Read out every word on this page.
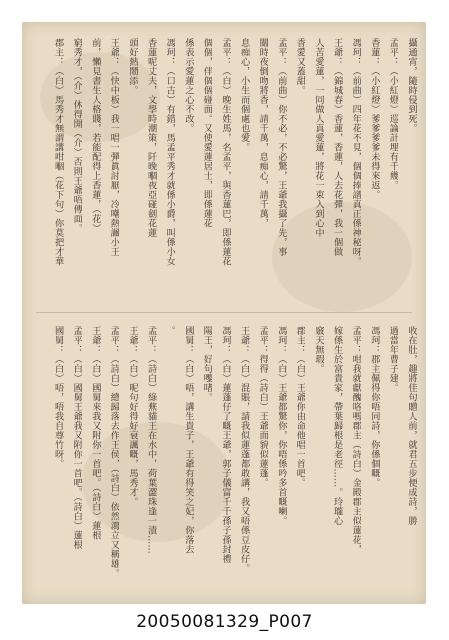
攝通宵，隨時侵到死。
孟平：（小紅燈）巡論計埋有千幾。
香蓮：（小紅燈）爹爹爹爹未得來返。
馮珂：（前曲）四年花不見，個個捧譜真正係神秘呀。
王爺：（錦城春）香蓮，香蓮，人去花彈，我一個做
人苦愛蓮，一同做人真愛蓮，將花一束入到心中
香愛又蓋甜。
孟平：（前曲）你不必，不必驚，王爺我攝了先，事
關時夜倒吻將香，請千萬，息痴心，請千萬，
息痴心，小生而個處也愛。
孟平：（白）晚生姓馬，名孟平，與香蓮巴，即係蓮花
個個，伴個個碰面。又使愛蓮居士，即係蓮花
係表示愛蓮之心不改。
馮珂：（口古）有錯，馬孟平秀才就係小爵，叫係小女
香蓮呢丈夫，文學時潮策，阡晚嗰夜亞碰劍花蓮
頭好熱鬧添。
王爺：（快中板）我一唱一彈眞討厭，冷嘲熱諷小王
前，懶見書生人格賤，若能配得上香蓮，（花）
窮秀才，（介）休得開（介）否則王爺唔傳面。
郡主：（白）馬秀才無謂講咁嗰（花下句）你莫把才華
收在肚，趣將佳句贈人前，就君五步便成詩，勝
過當年曹子建。
馮珂：郡主佩得你唔同詩，你係個嘅。
孟平：咁我就獻醜咯嗎郡主（詩白）金殿郡主似蓮花，
嫁係生於富貴家，帶葉歸根是老徑……。玲瓏心
竅天無瑕。
郡主：（白）王爺你由命他唱一首吧。
馮珂：（白）王爺都驚你，你唔係吟多首嘅喇。
孟平：得得（詩白）王爺面貌似蓮蓬。
王爺：（白）混賬，請我似蓮蓬都敢講，我又唔係豆皮仔。
馮珂：（白）蓮蓬仔了嘅王爺，郭子儀富千千孫子孫封禮
陽王，好句嚟啫。
國舅：（白）唔，講生貴子，王爺有得笑之妃，你落去
。
孟平：（詩白）綠蕪貓王在水中，荷葉澀珠逢一漬……
王爺：（白）呢句好得好衰諷嘅，馬秀才。
孟平：（詩白）總歸落去作王侯，（詩白）依然鴻立又稱雄。
王爺：（白）國舅來我又附你一首吧。（詩白）蓮根
孟平：（白）國舅王爺我又附你一首吧。（詩白）蓮根
國舅：（白）唔，唔我自尊竹呀。
20050081329_P007
